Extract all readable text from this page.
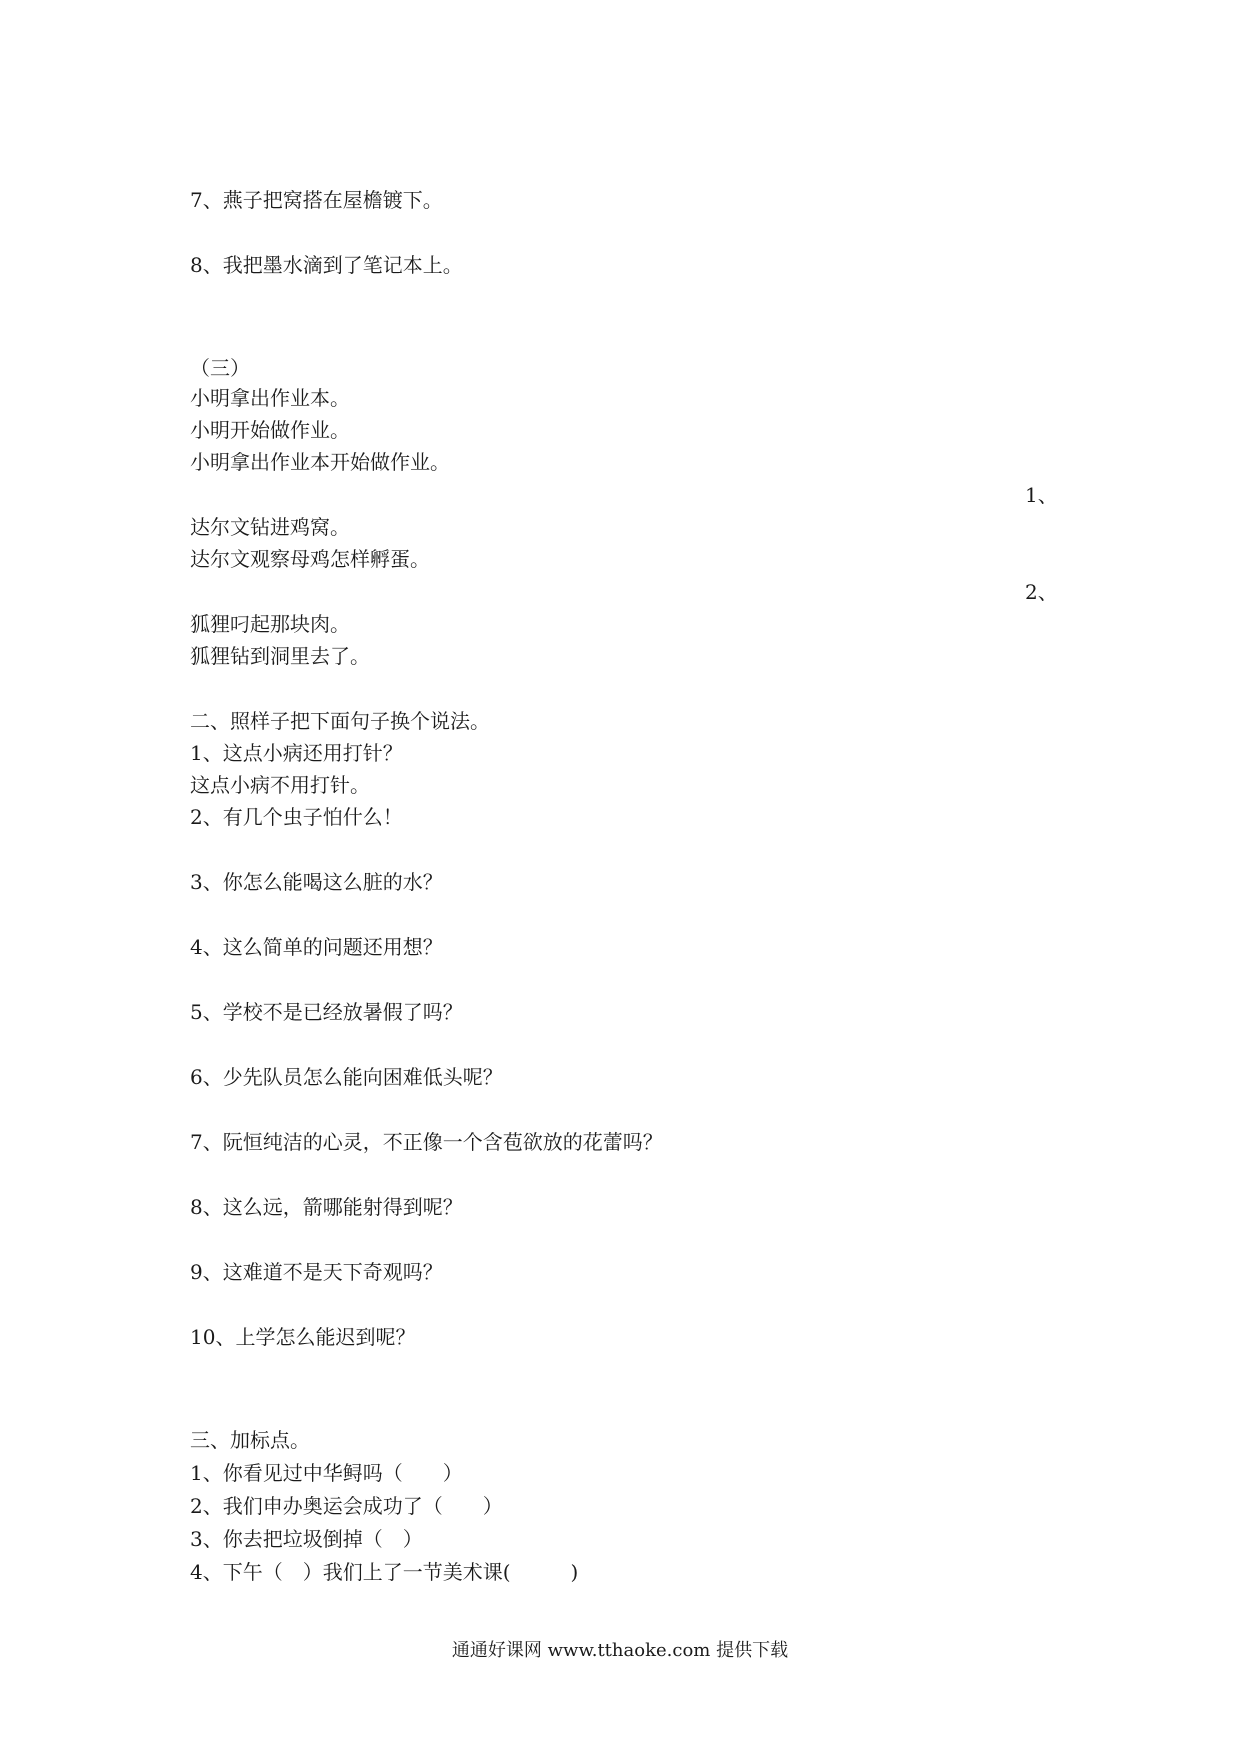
7、燕子把窝搭在屋檐镀下。
8、我把墨水滴到了笔记本上。
（三）
小明拿出作业本。
小明开始做作业。
小明拿出作业本开始做作业。
1、
达尔文钻进鸡窝。
达尔文观察母鸡怎样孵蛋。
2、
狐狸叼起那块肉。
狐狸钻到洞里去了。
二、照样子把下面句子换个说法。
1、这点小病还用打针？
这点小病不用打针。
2、有几个虫子怕什么！
3、你怎么能喝这么脏的水？
4、这么简单的问题还用想？
5、学校不是已经放暑假了吗？
6、少先队员怎么能向困难低头呢？
7、阮恒纯洁的心灵，不正像一个含苞欲放的花蕾吗？
8、这么远，箭哪能射得到呢？
9、这难道不是天下奇观吗？
10、上学怎么能迟到呢？
三、加标点。
1、你看见过中华鲟吗（　　）
2、我们申办奥运会成功了（　　）
3、你去把垃圾倒掉（　）
4、下午（　）我们上了一节美术课(　　　)
通通好课网 www.tthaoke.com 提供下载
